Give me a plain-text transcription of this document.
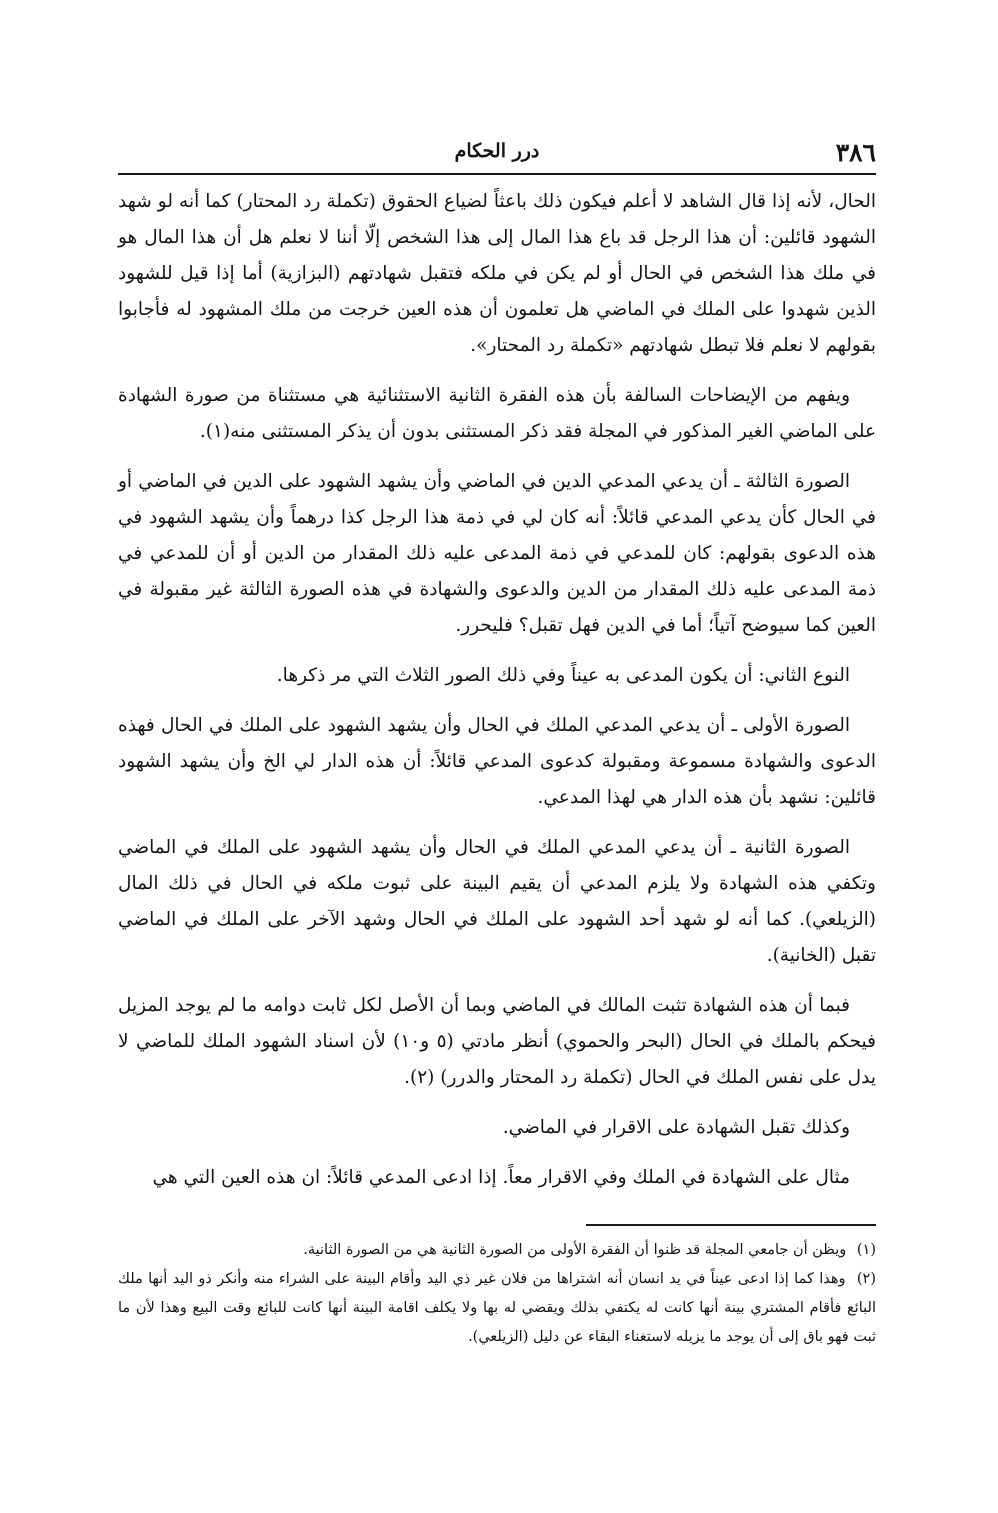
٣٨٦
درر الحكام

الحال، لأنه إذا قال الشاهد لا أعلم فيكون ذلك باعثاً لضياع الحقوق (تكملة رد المحتار) كما أنه لو شهد الشهود قائلين: أن هذا الرجل قد باع هذا المال إلى هذا الشخص إلّا أننا لا نعلم هل أن هذا المال هو في ملك هذا الشخص في الحال أو لم يكن في ملكه فتقبل شهادتهم (البزازية) أما إذا قيل للشهود الذين شهدوا على الملك في الماضي هل تعلمون أن هذه العين خرجت من ملك المشهود له فأجابوا بقولهم لا نعلم فلا تبطل شهادتهم «تكملة رد المحتار».

ويفهم من الإيضاحات السالفة بأن هذه الفقرة الثانية الاستثنائية هي مستثناة من صورة الشهادة على الماضي الغير المذكور في المجلة فقد ذكر المستثنى بدون أن يذكر المستثنى منه(١).

الصورة الثالثة ـ أن يدعي المدعي الدين في الماضي وأن يشهد الشهود على الدين في الماضي أو في الحال كأن يدعي المدعي قائلاً: أنه كان لي في ذمة هذا الرجل كذا درهماً وأن يشهد الشهود في هذه الدعوى بقولهم: كان للمدعي في ذمة المدعى عليه ذلك المقدار من الدين أو أن للمدعي في ذمة المدعى عليه ذلك المقدار من الدين والدعوى والشهادة في هذه الصورة الثالثة غير مقبولة في العين كما سيوضح آتياً؛ أما في الدين فهل تقبل؟ فليحرر.

النوع الثاني: أن يكون المدعى به عيناً وفي ذلك الصور الثلاث التي مر ذكرها.

الصورة الأولى ـ أن يدعي المدعي الملك في الحال وأن يشهد الشهود على الملك في الحال فهذه الدعوى والشهادة مسموعة ومقبولة كدعوى المدعي قائلاً: أن هذه الدار لي الخ وأن يشهد الشهود قائلين: نشهد بأن هذه الدار هي لهذا المدعي.

الصورة الثانية ـ أن يدعي المدعي الملك في الحال وأن يشهد الشهود على الملك في الماضي وتكفي هذه الشهادة ولا يلزم المدعي أن يقيم البينة على ثبوت ملكه في الحال في ذلك المال (الزيلعي). كما أنه لو شهد أحد الشهود على الملك في الحال وشهد الآخر على الملك في الماضي تقبل (الخانية).

فبما أن هذه الشهادة تثبت المالك في الماضي وبما أن الأصل لكل ثابت دوامه ما لم يوجد المزيل فيحكم بالملك في الحال (البحر والحموي) أنظر مادتي (٥ و١٠) لأن اسناد الشهود الملك للماضي لا يدل على نفس الملك في الحال (تكملة رد المحتار والدرر) (٢).

وكذلك تقبل الشهادة على الاقرار في الماضي.

مثال على الشهادة في الملك وفي الاقرار معاً. إذا ادعى المدعي قائلاً: ان هذه العين التي هي

(١) ويظن أن جامعي المجلة قد ظنوا أن الفقرة الأولى من الصورة الثانية هي من الصورة الثانية.

(٢) وهذا كما إذا ادعى عيناً في يد انسان أنه اشتراها من فلان غير ذي اليد وأقام البينة على الشراء منه وأنكر ذو اليد أنها ملك البائع فأقام المشتري بينة أنها كانت له يكتفي بذلك ويقضي له بها ولا يكلف اقامة البينة أنها كانت للبائع وقت البيع وهذا لأن ما ثبت فهو باق إلى أن يوجد ما يزيله لاستغناء البقاء عن دليل (الزيلعي).
